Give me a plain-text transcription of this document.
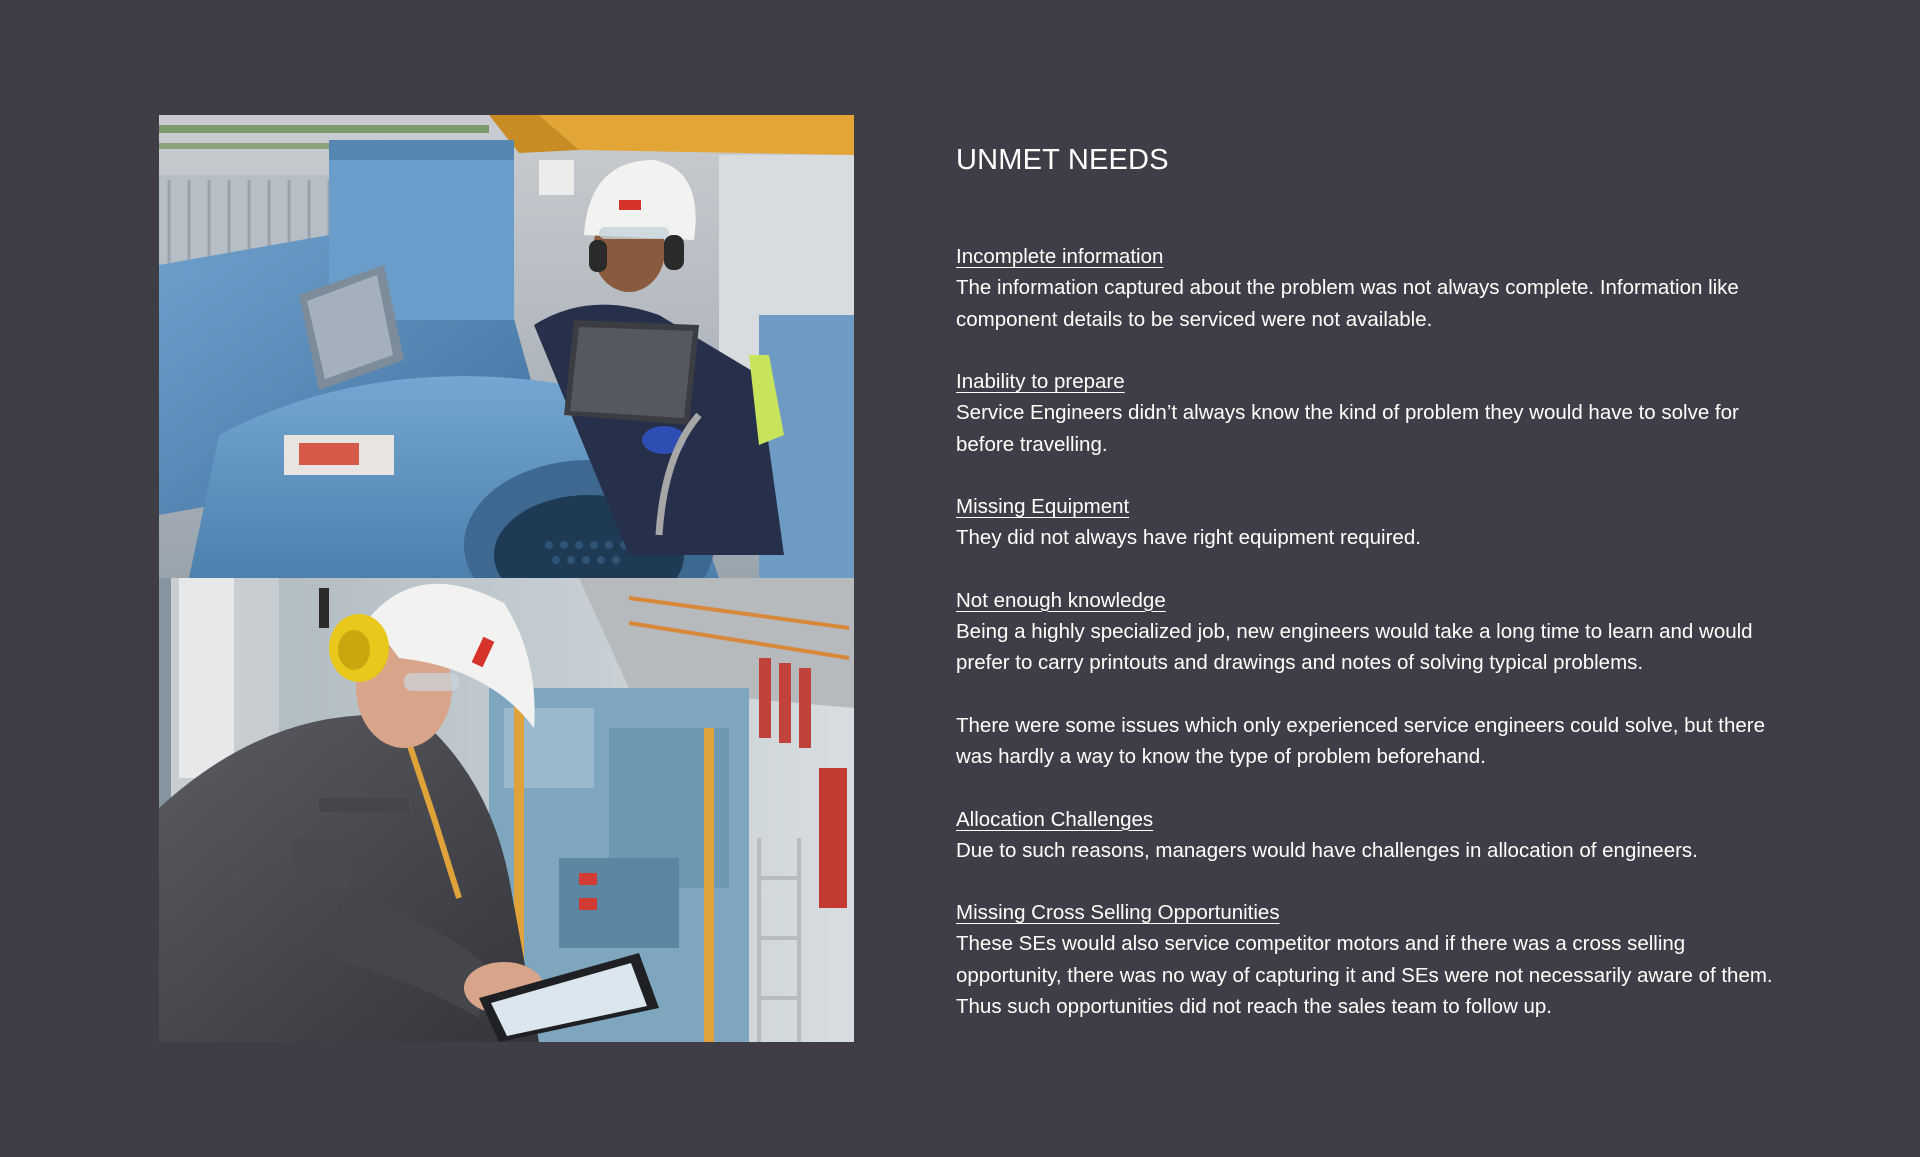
UNMET NEEDS
Incomplete information

The information captured about the problem was not always complete. Information like component details to be serviced were not available.

Inability to prepare

Service Engineers didn’t always know the kind of problem they would have to solve for before travelling.

Missing Equipment

They did not always have right equipment required.

Not enough knowledge

Being a highly specialized job, new engineers would take a long time to learn and would prefer to carry printouts and drawings and notes of solving typical problems.

There were some issues which only experienced service engineers could solve, but there was hardly a way to know the type of problem beforehand.

Allocation Challenges

Due to such reasons, managers would have challenges in allocation of engineers.

Missing Cross Selling Opportunities

These SEs would also service competitor motors and if there was a cross selling opportunity, there was no way of capturing it and SEs were not necessarily aware of them. Thus such opportunities did not reach the sales team to follow up.
